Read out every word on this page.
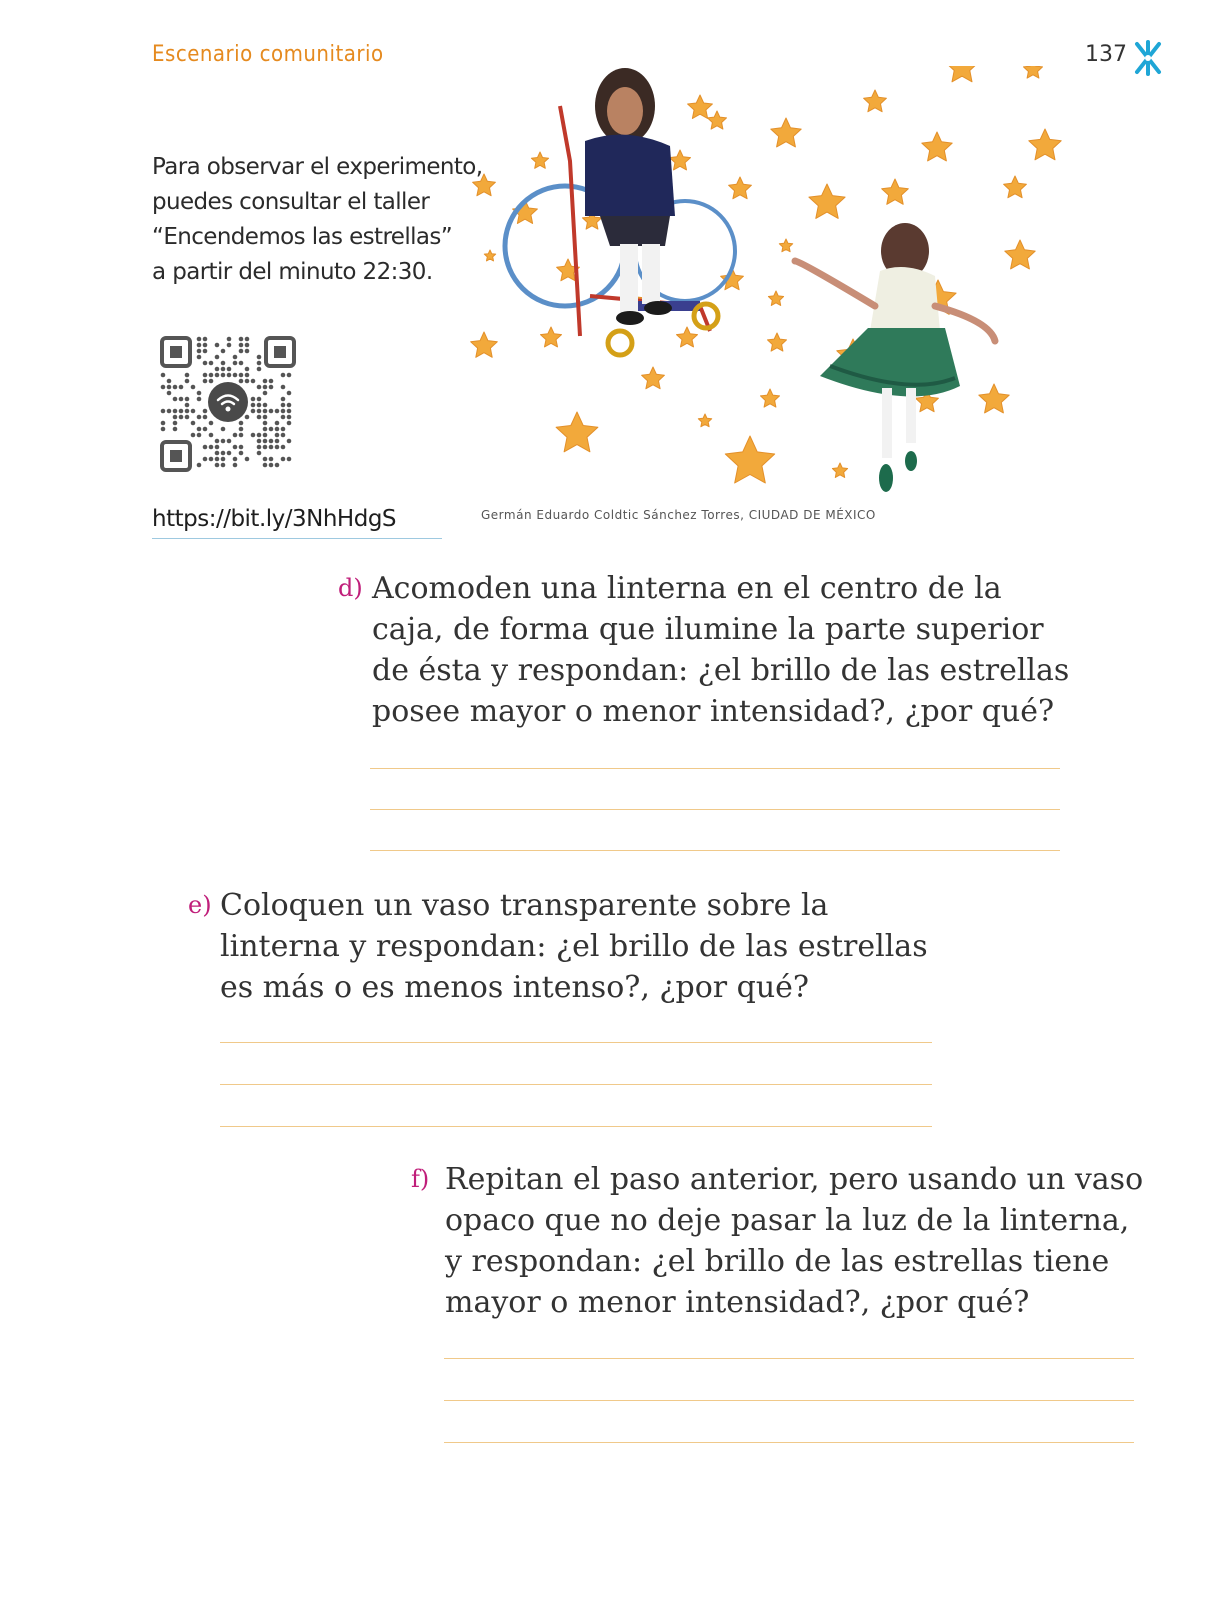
Escenario comunitario	137
Para observar el experimento,
puedes consultar el taller
“Encendemos las estrellas”
a partir del minuto 22:30.
https://bit.ly/3NhHdgS	Germán Eduardo Coldtic Sánchez Torres, CIUDAD DE MÉXICO
d) Acomoden una linterna en el centro de la
caja, de forma que ilumine la parte superior
de ésta y respondan: ¿el brillo de las estrellas
posee mayor o menor intensidad?, ¿por qué?
e) Coloquen un vaso transparente sobre la
linterna y respondan: ¿el brillo de las estrellas
es más o es menos intenso?, ¿por qué?
f) Repitan el paso anterior, pero usando un vaso
opaco que no deje pasar la luz de la linterna,
y respondan: ¿el brillo de las estrellas tiene
mayor o menor intensidad?, ¿por qué?
